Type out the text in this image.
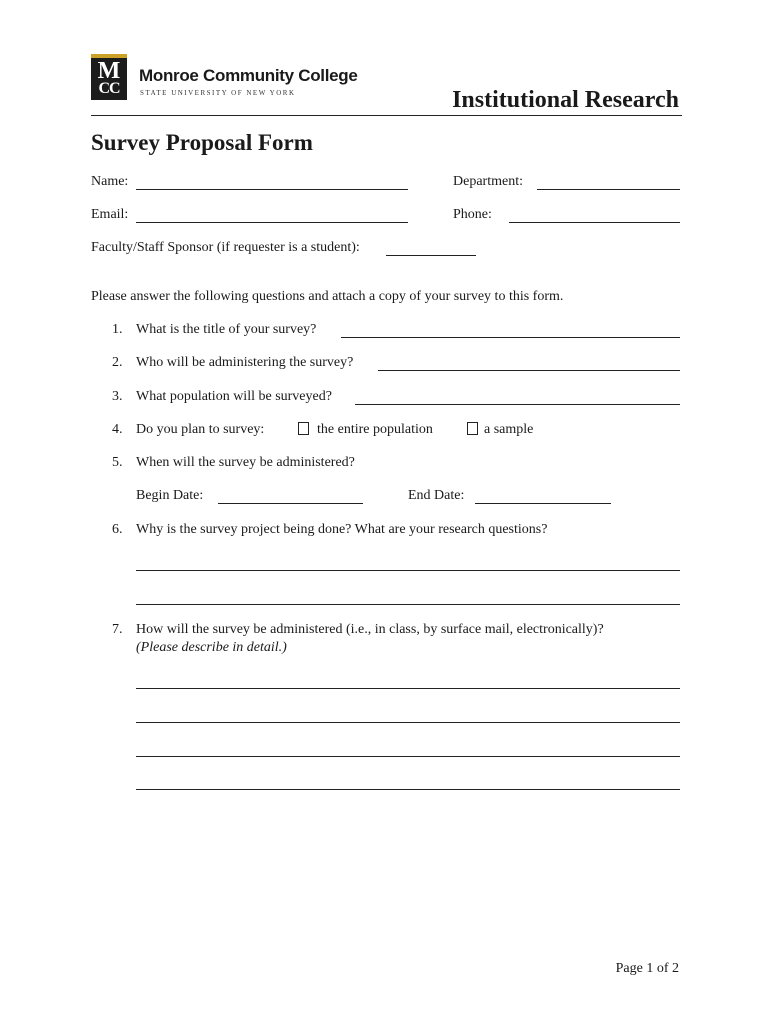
M
CC
Monroe Community College
STATE UNIVERSITY OF NEW YORK	Institutional Research
Survey Proposal Form
Name:	Department:
Email:	Phone:
Faculty/Staff Sponsor (if requester is a student):
Please answer the following questions and attach a copy of your survey to this form.
1. What is the title of your survey?
2. Who will be administering the survey?
3. What population will be surveyed?
4. Do you plan to survey:	the entire population	a sample
5. When will the survey be administered?
Begin Date:	End Date:
6. Why is the survey project being done? What are your research questions?
7. How will the survey be administered (i.e., in class, by surface mail, electronically)?
(Please describe in detail.)
Page 1 of 2
